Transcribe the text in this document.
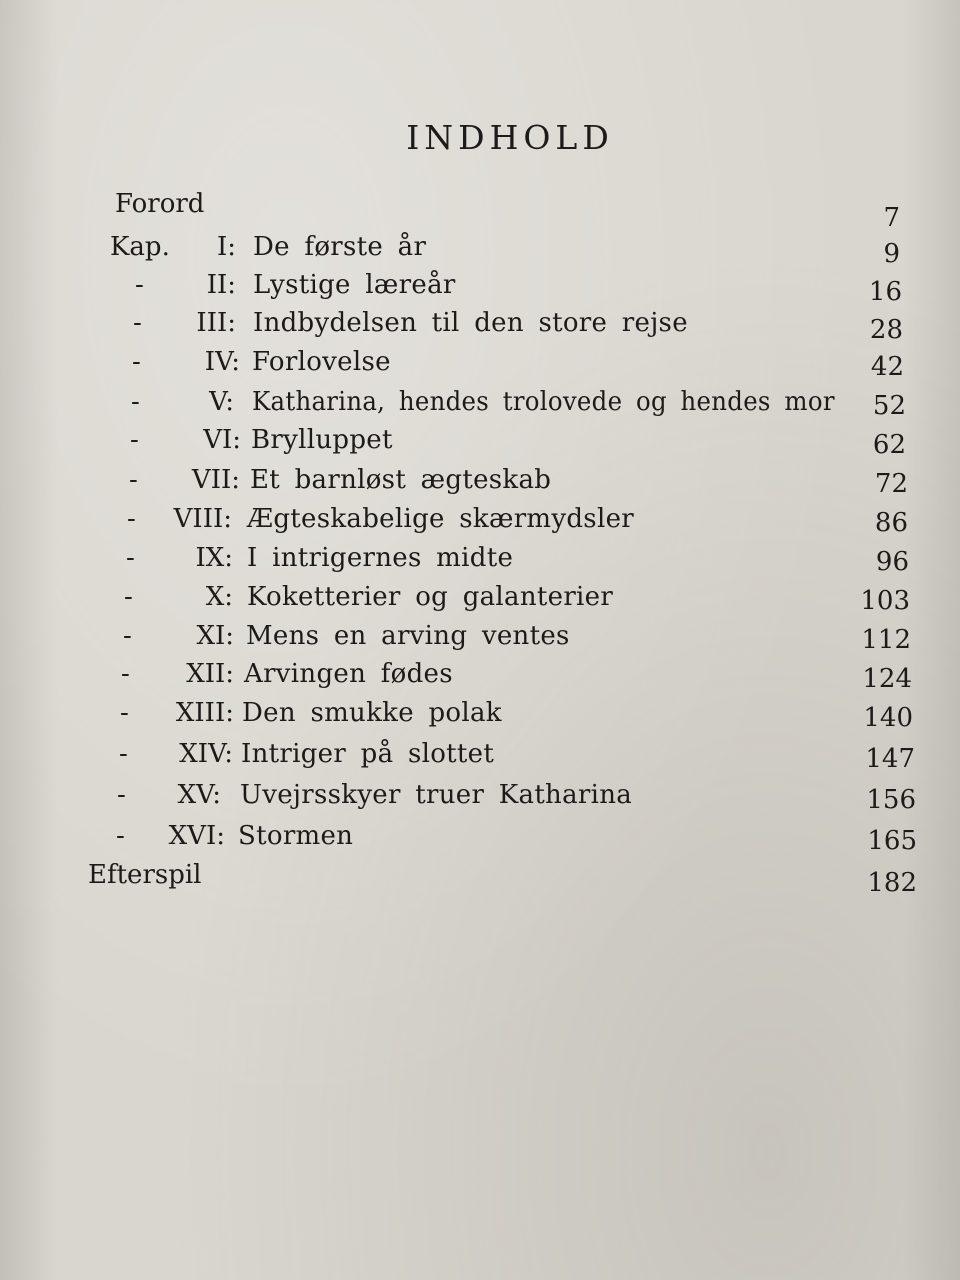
INDHOLD
Forord	7
Kap. I: De første år	9
- II: Lystige læreår	16
- III: Indbydelsen til den store rejse	28
- IV: Forlovelse	42
-	V: Katharina, hendes trolovede og hendes mor	52
- VI: Brylluppet	62
- VII: Et barnløst ægteskab	72
- VIII: Ægteskabelige skærmydsler	86
- IX: I intrigernes midte	96
-	X: Koketterier og galanterier	103
- XI: Mens en arving ventes	112
- XII: Arvingen fødes	124
- XIII: Den smukke polak	140
- XIV: Intriger på slottet	147
- XV: Uvejrsskyer truer Katharina	156
- XVI: Stormen	165
Efterspil	182
